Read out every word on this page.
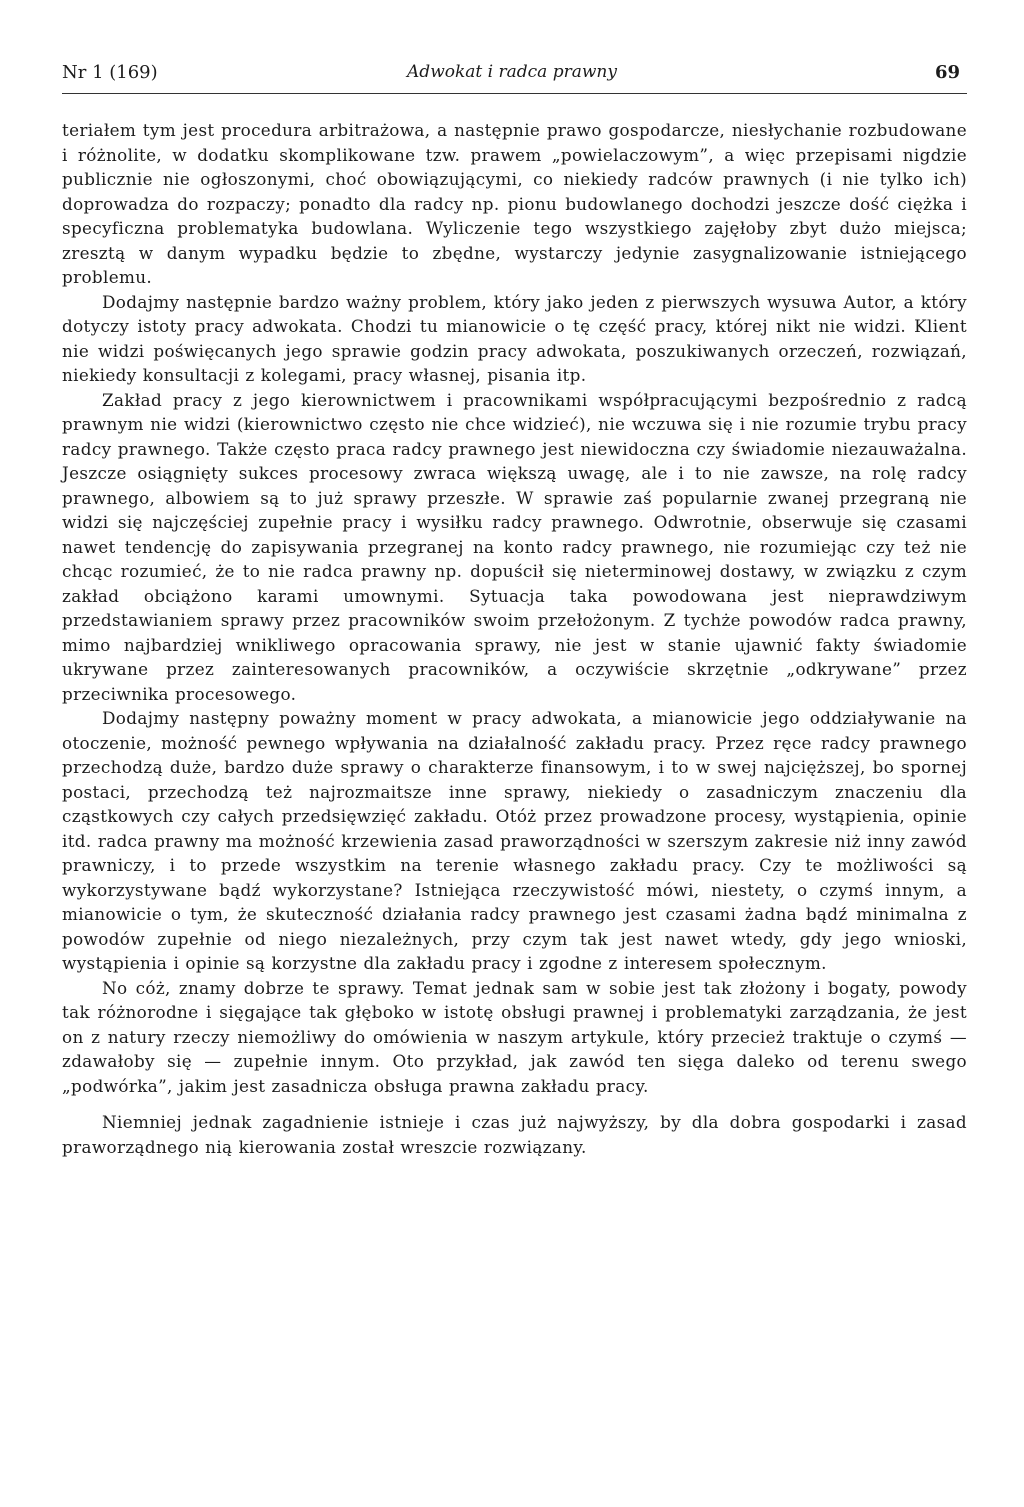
Nr 1 (169)	Adwokat i radca prawny	69

teriałem tym jest procedura arbitrażowa, a następnie prawo gospodarcze, niesłychanie rozbudowane i różnolite, w dodatku skomplikowane tzw. prawem „powielaczowym”, a więc przepisami nigdzie publicznie nie ogłoszonymi, choć obowiązującymi, co niekiedy radców prawnych (i nie tylko ich) doprowadza do rozpaczy; ponadto dla radcy np. pionu budowlanego dochodzi jeszcze dość ciężka i specyficzna problematyka budowlana. Wyliczenie tego wszystkiego zajęłoby zbyt dużo miejsca; zresztą w danym wypadku będzie to zbędne, wystarczy jedynie zasygnalizowanie istniejącego problemu.

Dodajmy następnie bardzo ważny problem, który jako jeden z pierwszych wysuwa Autor, a który dotyczy istoty pracy adwokata. Chodzi tu mianowicie o tę część pracy, której nikt nie widzi. Klient nie widzi poświęcanych jego sprawie godzin pracy adwokata, poszukiwanych orzeczeń, rozwiązań, niekiedy konsultacji z kolegami, pracy własnej, pisania itp.

Zakład pracy z jego kierownictwem i pracownikami współpracującymi bezpośrednio z radcą prawnym nie widzi (kierownictwo często nie chce widzieć), nie wczuwa się i nie rozumie trybu pracy radcy prawnego. Także często praca radcy prawnego jest niewidoczna czy świadomie niezauważalna. Jeszcze osiągnięty sukces procesowy zwraca większą uwagę, ale i to nie zawsze, na rolę radcy prawnego, albowiem są to już sprawy przeszłe. W sprawie zaś popularnie zwanej przegraną nie widzi się najczęściej zupełnie pracy i wysiłku radcy prawnego. Odwrotnie, obserwuje się czasami nawet tendencję do zapisywania przegranej na konto radcy prawnego, nie rozumiejąc czy też nie chcąc rozumieć, że to nie radca prawny np. dopuścił się nieterminowej dostawy, w związku z czym zakład obciążono karami umownymi. Sytuacja taka powodowana jest nieprawdziwym przedstawianiem sprawy przez pracowników swoim przełożonym. Z tychże powodów radca prawny, mimo najbardziej wnikliwego opracowania sprawy, nie jest w stanie ujawnić fakty świadomie ukrywane przez zainteresowanych pracowników, a oczywiście skrzętnie „odkrywane” przez przeciwnika procesowego.

Dodajmy następny poważny moment w pracy adwokata, a mianowicie jego oddziaływanie na otoczenie, możność pewnego wpływania na działalność zakładu pracy. Przez ręce radcy prawnego przechodzą duże, bardzo duże sprawy o charakterze finansowym, i to w swej najcięższej, bo spornej postaci, przechodzą też najrozmaitsze inne sprawy, niekiedy o zasadniczym znaczeniu dla cząstkowych czy całych przedsięwzięć zakładu. Otóż przez prowadzone procesy, wystąpienia, opinie itd. radca prawny ma możność krzewienia zasad praworządności w szerszym zakresie niż inny zawód prawniczy, i to przede wszystkim na terenie własnego zakładu pracy. Czy te możliwości są wykorzystywane bądź wykorzystane? Istniejąca rzeczywistość mówi, niestety, o czymś innym, a mianowicie o tym, że skuteczność działania radcy prawnego jest czasami żadna bądź minimalna z powodów zupełnie od niego niezależnych, przy czym tak jest nawet wtedy, gdy jego wnioski, wystąpienia i opinie są korzystne dla zakładu pracy i zgodne z interesem społecznym.

No cóż, znamy dobrze te sprawy. Temat jednak sam w sobie jest tak złożony i bogaty, powody tak różnorodne i sięgające tak głęboko w istotę obsługi prawnej i problematyki zarządzania, że jest on z natury rzeczy niemożliwy do omówienia w naszym artykule, który przecież traktuje o czymś — zdawałoby się — zupełnie innym. Oto przykład, jak zawód ten sięga daleko od terenu swego „podwórka”, jakim jest zasadnicza obsługa prawna zakładu pracy.

Niemniej jednak zagadnienie istnieje i czas już najwyższy, by dla dobra gospodarki i zasad praworządnego nią kierowania został wreszcie rozwiązany.
